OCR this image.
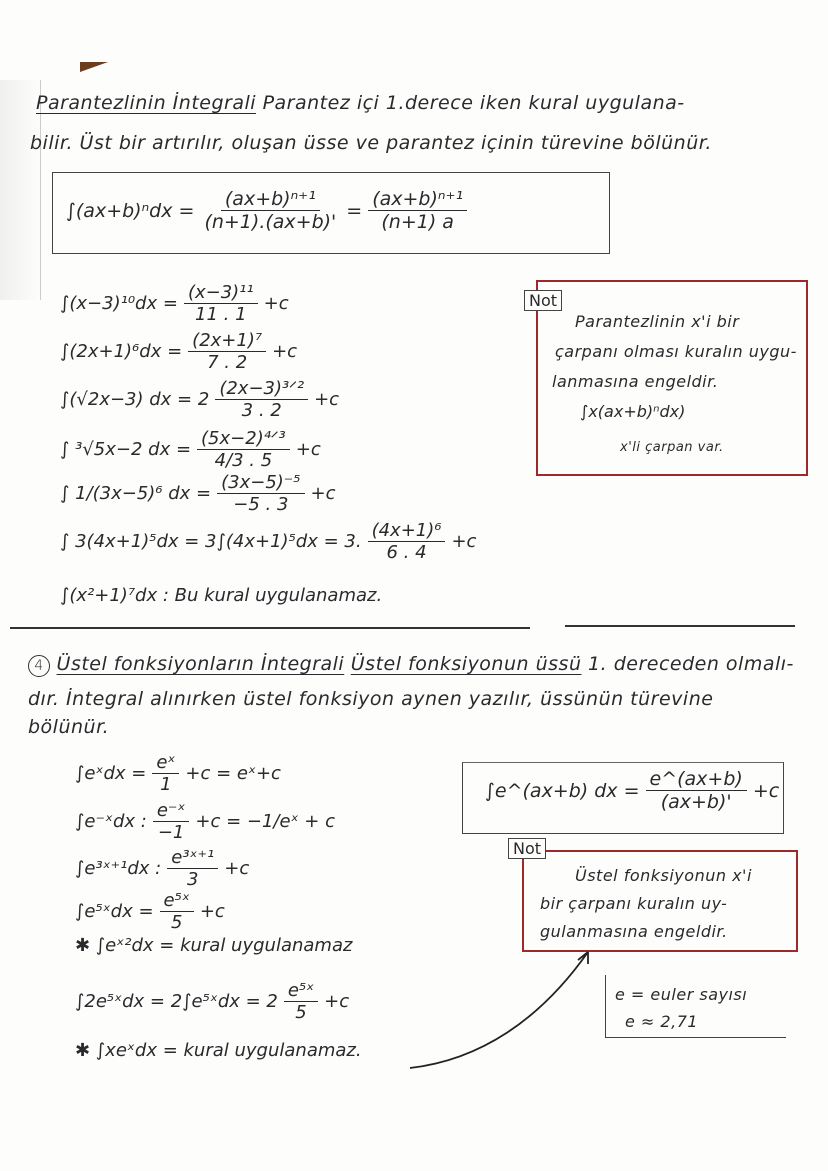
Parantezlinin İntegrali Parantez içi 1.derece iken kural uygulana-
bilir. Üst bir artırılır, oluşan üsse ve parantez içinin türevine bölünür.
$\int(ax+b)^ndx = \frac{\text{(ax+b)ⁿ⁺¹}}{(n+1).(ax+b)'} = \frac{\text{(ax+b)ⁿ⁺¹}}{(n+1) a}$
$\int(x-3)^{10}dx = \frac{\text{(x−3)¹¹}}{11 . 1} +c$
$\int(2x+1)^6dx = \frac{\text{(2x+1)⁷}}{7 . 2} +c$
∫(√2x−3) dx = $2 \frac{\text{(2x−3)³ᐟ²}}{3 . 2} +c$
∫ ³√5x−2 dx = $\frac{\text{(5x−2)⁴ᐟ³}}{4/3 . 5} +c$
∫ 1/(3x−5)⁶ dx = $\frac{\text{(3x−5)⁻⁵}}{-5 . 3} +c$
∫ 3(4x+1)⁵dx = 3∫(4x+1)⁵dx = 3. $\frac{\text{(4x+1)⁶}}{6 . 4} +c$
∫(x²+1)⁷dx : Bu kural uygulanamaz.
Not
Parantezlinin x'i bir
çarpanı olması kuralın uygu-
lanmasına engeldir.
∫x(ax+b)ⁿdx)
x'li çarpan var.
4 Üstel fonksiyonların İntegrali Üstel fonksiyonun üssü 1. dereceden olmalı-
dır. İntegral alınırken üstel fonksiyon aynen yazılır, üssünün türevine
bölünür.
∫e^(ax+b) dx = $\frac{e\^{}(ax+b)}{(ax+b)'} +c$
∫eˣdx = $\frac{\text{eˣ}}{1} +c$ = eˣ+c
∫e⁻ˣdx : $\frac{\text{e⁻ˣ}}{-1} +c$ = −1/eˣ + c
∫e³ˣ⁺¹dx : $\frac{\text{e³ˣ⁺¹}}{3} +c$
∫e⁵ˣdx = $\frac{\text{e⁵ˣ}}{5} +c$
✱ ∫eˣ²dx = kural uygulanamaz
∫2e⁵ˣdx = 2∫e⁵ˣdx = $2 \frac{\text{e⁵ˣ}}{5} +c$
✱ ∫xeˣdx = kural uygulanamaz.
Not
Üstel fonksiyonun x'i
bir çarpanı kuralın uy-
gulanmasına engeldir.
e = euler sayısı
e ≈ 2,71
